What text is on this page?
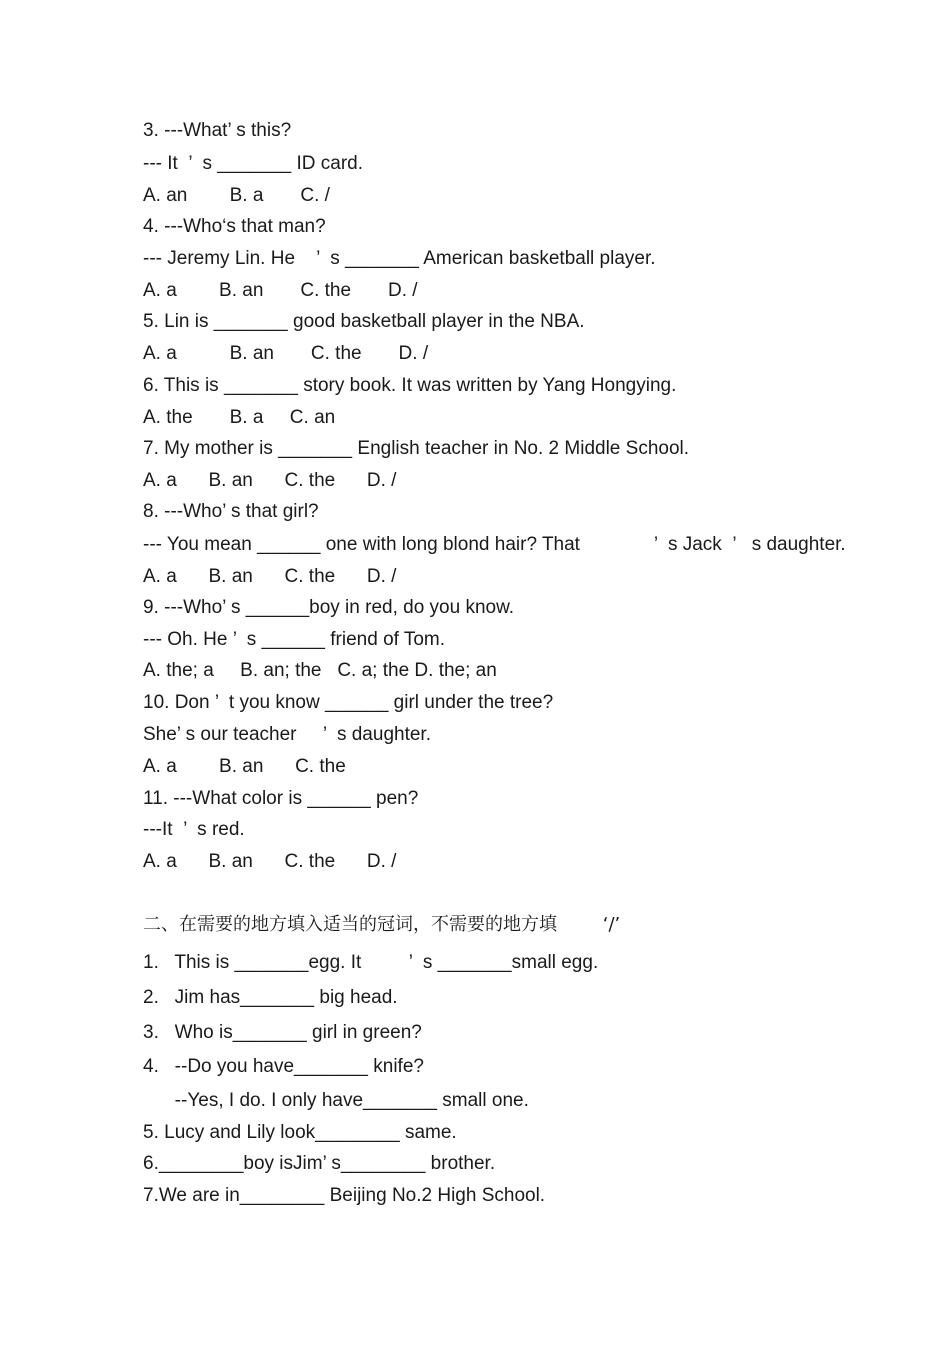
3. ---What’ s this?
--- It  ’  s _______ ID card.
A. an        B. a       C. /
4. ---Who‘s that man?
--- Jeremy Lin. He    ’  s _______ American basketball player.
A. a        B. an       C. the       D. /
5. Lin is _______ good basketball player in the NBA.
A. a          B. an       C. the       D. /
6. This is _______ story book. It was written by Yang Hongying.
A. the       B. a     C. an
7. My mother is _______ English teacher in No. 2 Middle School.
A. a      B. an      C. the      D. /
8. ---Who’ s that girl?
--- You mean ______ one with long blond hair? That              ’  s Jack  ’   s daughter.
A. a      B. an      C. the      D. /
9. ---Who’ s ______boy in red, do you know.
--- Oh. He ’  s ______ friend of Tom.
A. the; a     B. an; the   C. a; the D. the; an
10. Don ’  t you know ______ girl under the tree?
She’ s our teacher     ’  s daughter.
A. a        B. an      C. the
11. ---What color is ______ pen?
---It  ’  s red.
A. a      B. an      C. the      D. /
二、在需要的地方填入适当的冠词，不需要的地方填        ‘/’
1.   This is _______egg. It         ’  s _______small egg.
2.   Jim has_______ big head.
3.   Who is_______ girl in green?
4.   --Do you have_______ knife?
--Yes, I do. I only have_______ small one.
5. Lucy and Lily look________ same.
6.________boy isJim’ s________ brother.
7.We are in________ Beijing No.2 High School.
